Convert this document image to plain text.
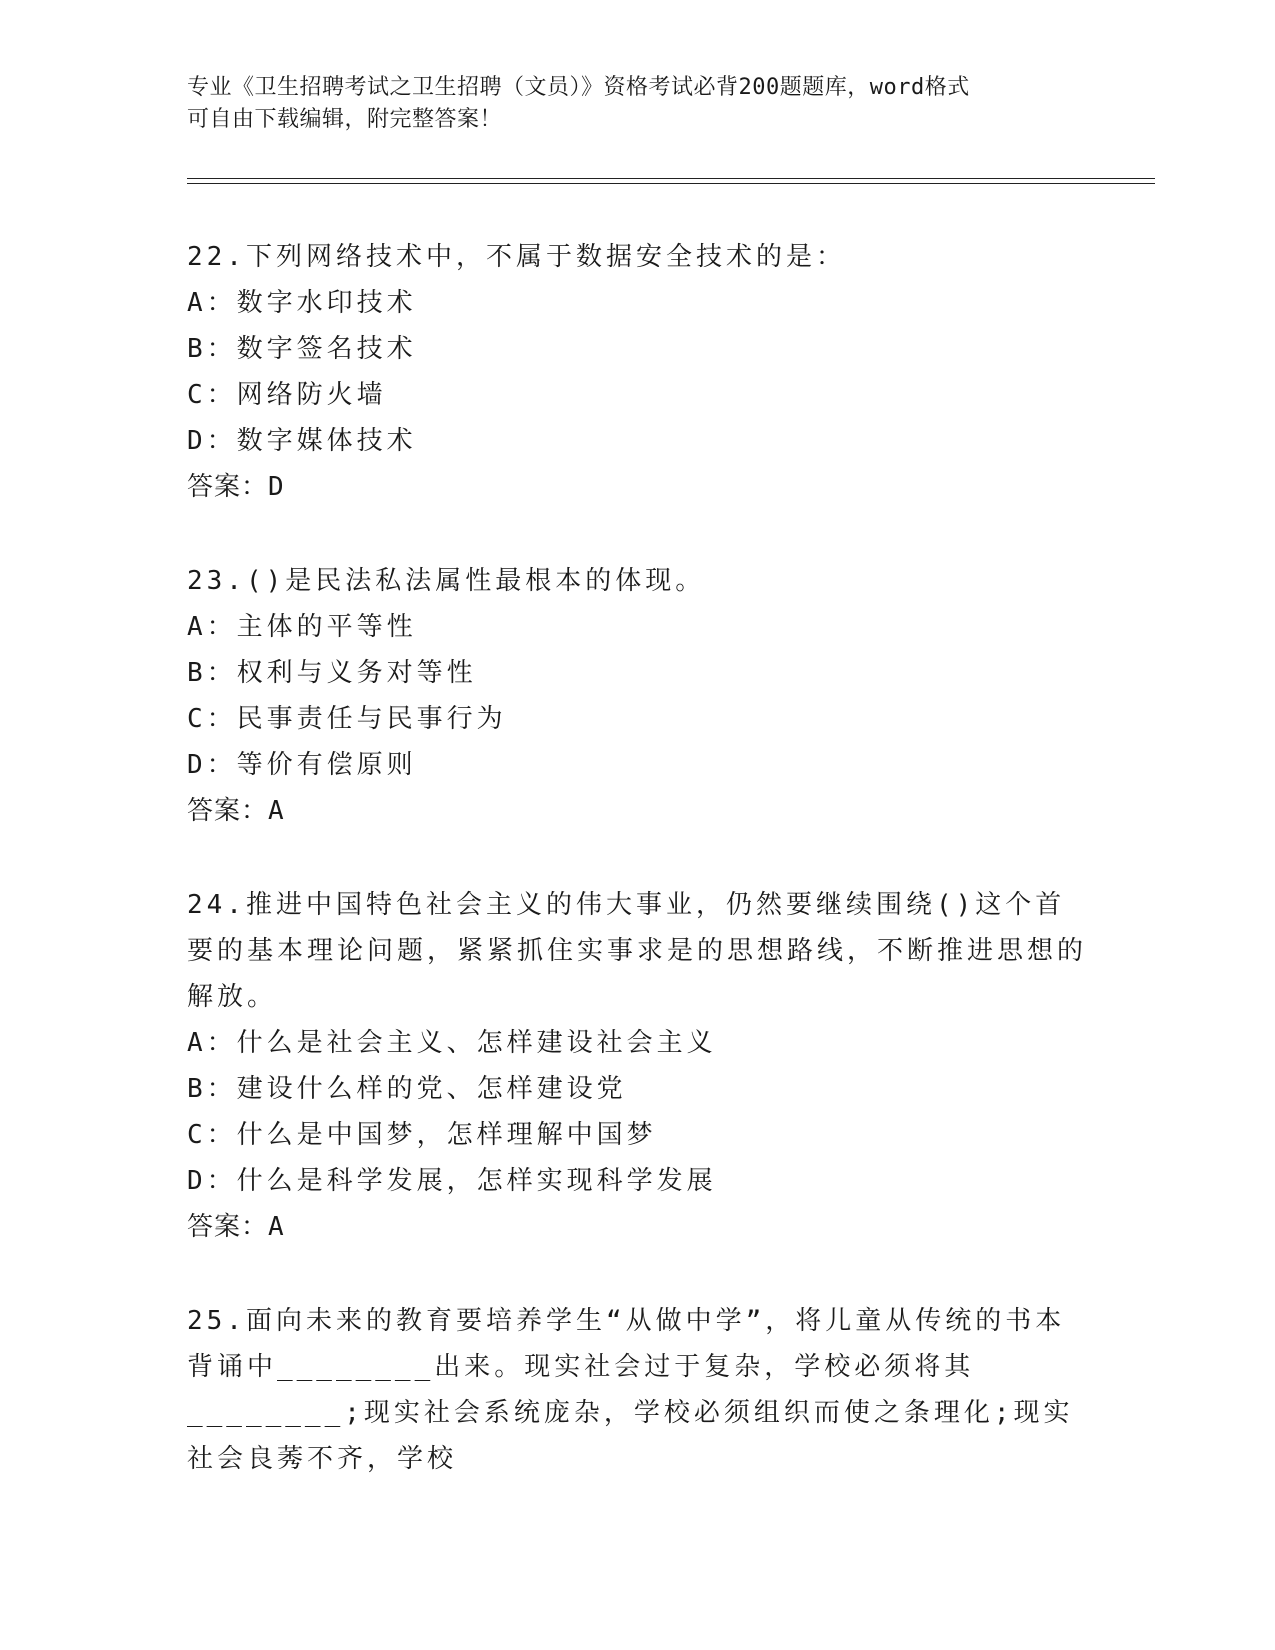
专业《卫生招聘考试之卫生招聘（文员）》资格考试必背200题题库，word格式
可自由下载编辑，附完整答案！

22.下列网络技术中，不属于数据安全技术的是：

A：数字水印技术

B：数字签名技术

C：网络防火墙

D：数字媒体技术

答案：D

23.()是民法私法属性最根本的体现。

A：主体的平等性

B：权利与义务对等性

C：民事责任与民事行为

D：等价有偿原则

答案：A

24.推进中国特色社会主义的伟大事业，仍然要继续围绕()这个首要的基本理论问题，紧紧抓住实事求是的思想路线，不断推进思想的解放。

A：什么是社会主义、怎样建设社会主义

B：建设什么样的党、怎样建设党

C：什么是中国梦，怎样理解中国梦

D：什么是科学发展，怎样实现科学发展

答案：A

25.面向未来的教育要培养学生“从做中学”，将儿童从传统的书本背诵中________出来。现实社会过于复杂，学校必须将其________;现实社会系统庞杂，学校必须组织而使之条理化;现实社会良莠不齐，学校
